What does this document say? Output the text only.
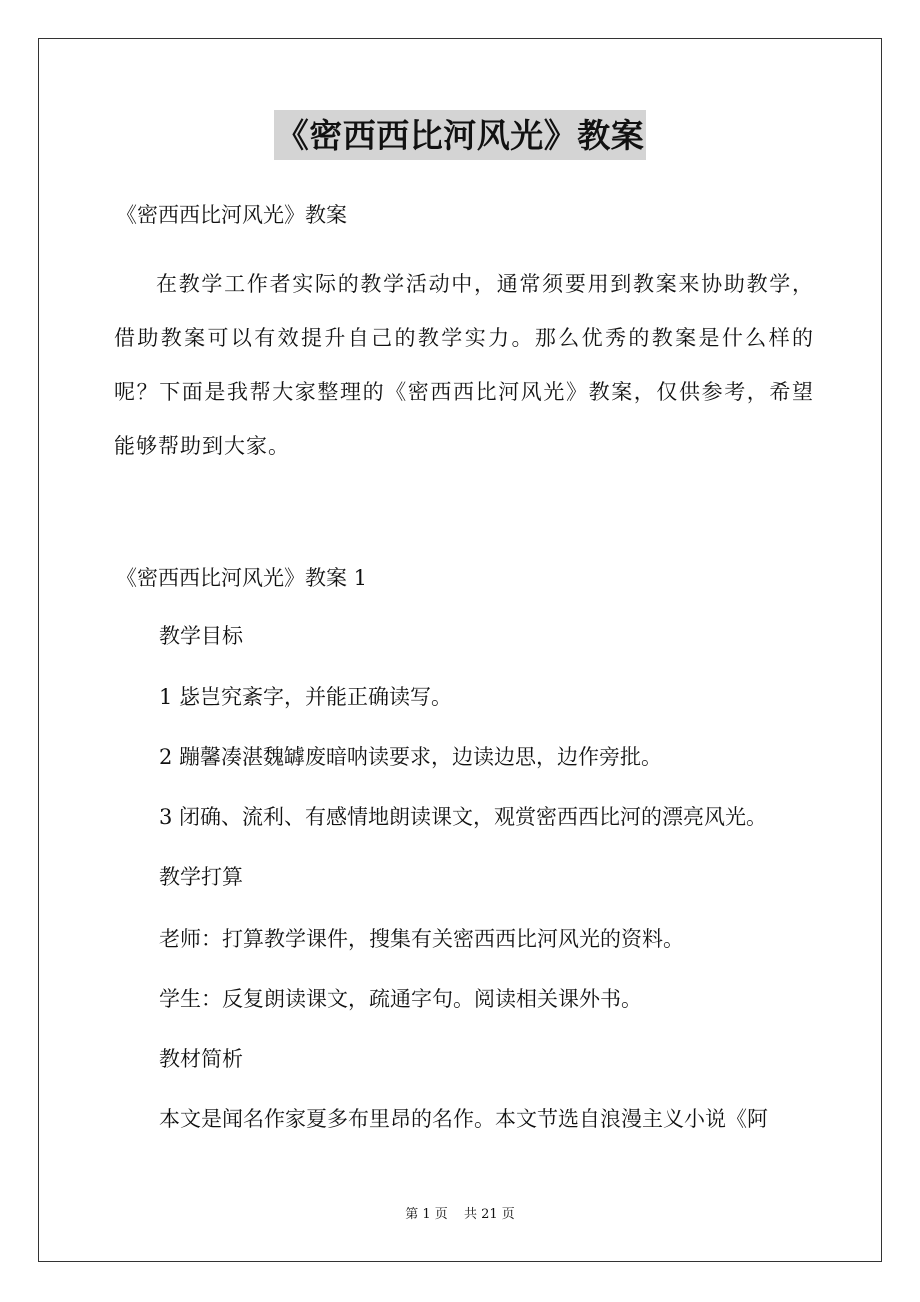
《密西西比河风光》教案

《密西西比河风光》教案

在教学工作者实际的教学活动中，通常须要用到教案来协助教学，借助教案可以有效提升自己的教学实力。那么优秀的教案是什么样的呢？下面是我帮大家整理的《密西西比河风光》教案，仅供参考，希望能够帮助到大家。

《密西西比河风光》教案 1

教学目标

1 毖岂究紊字，并能正确读写。

2 蹦馨凑湛魏罅废暗呐读要求，边读边思，边作旁批。

3 闭确、流利、有感情地朗读课文，观赏密西西比河的漂亮风光。

教学打算

老师：打算教学课件，搜集有关密西西比河风光的资料。

学生：反复朗读课文，疏通字句。阅读相关课外书。

教材简析

本文是闻名作家夏多布里昂的名作。本文节选自浪漫主义小说《阿

第 1 页 共 21 页
